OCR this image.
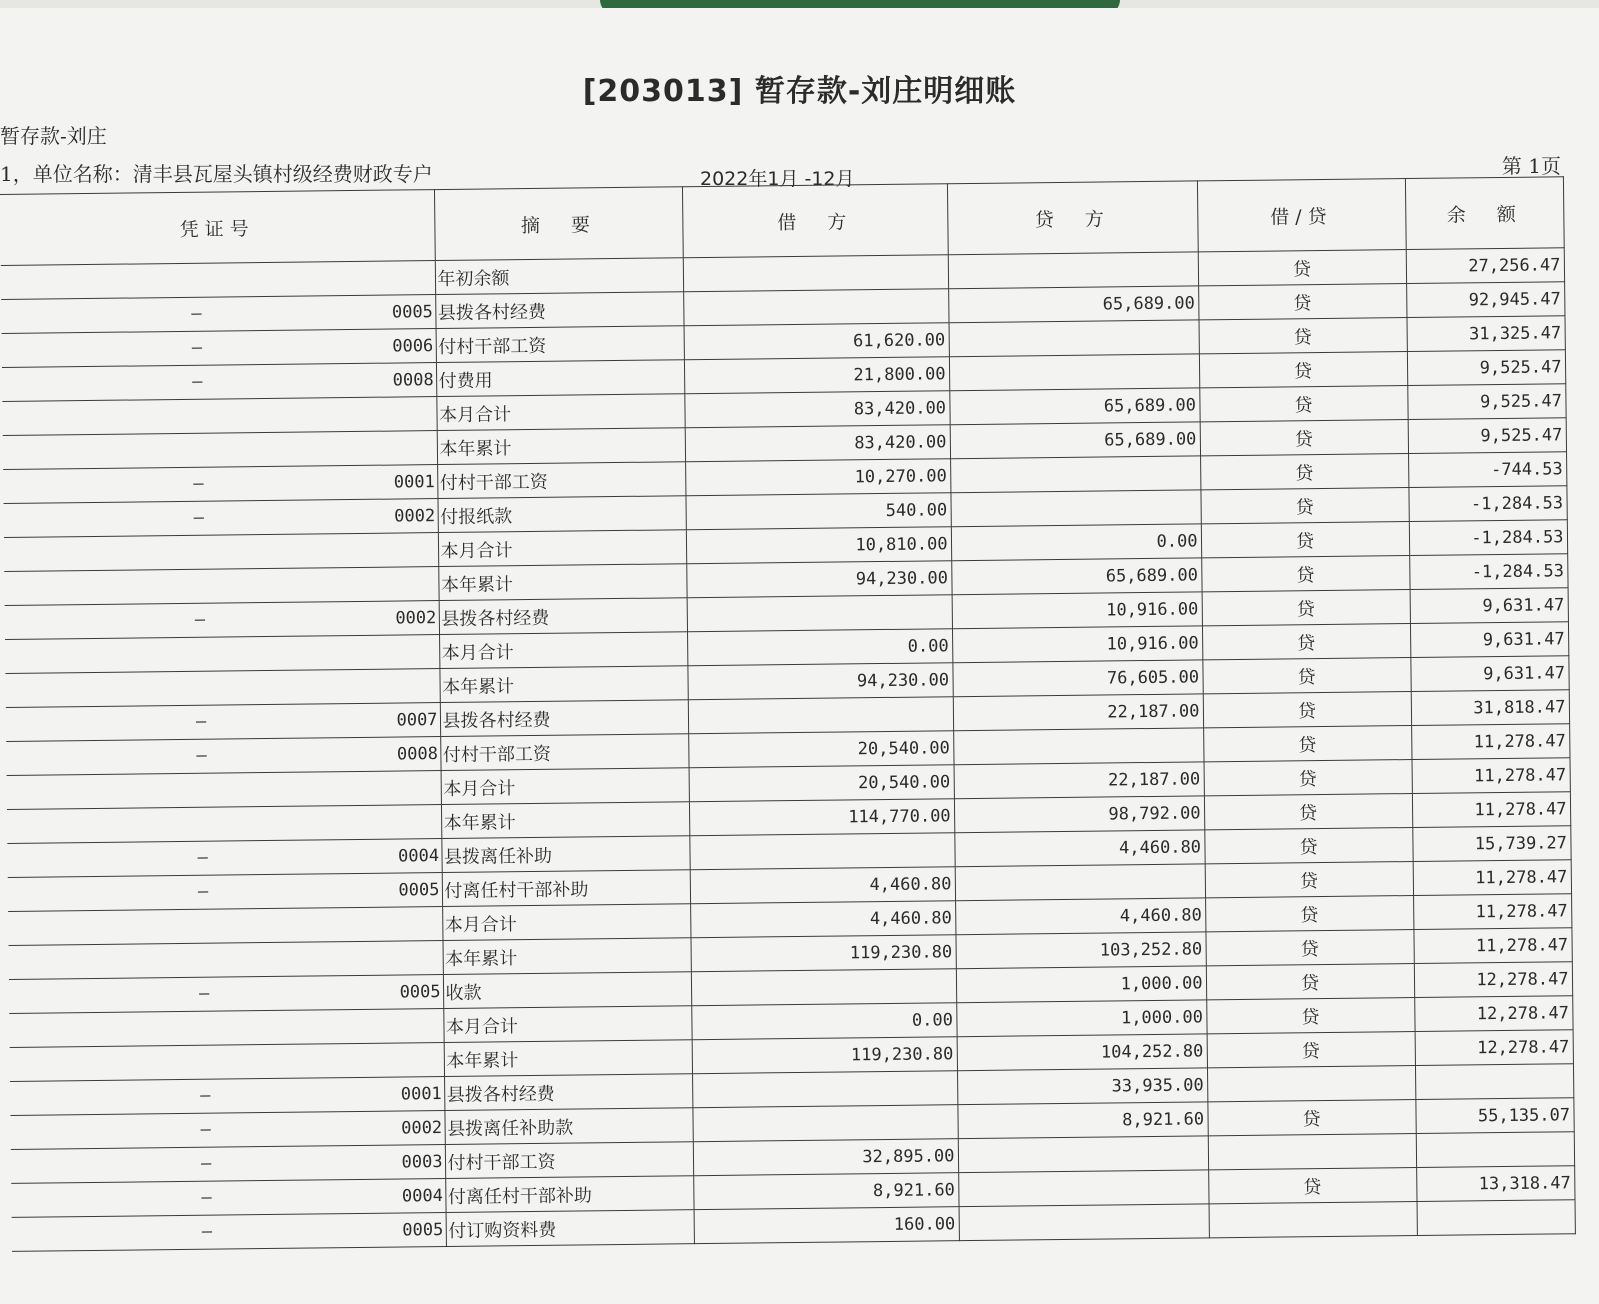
[203013] 暂存款-刘庄明细账
暂存款-刘庄
1，单位名称：清丰县瓦屋头镇村级经费财政专户	2022年1月 -12月
第 1页
凭证号	摘　要	借　方	贷　方	借/贷	余　额

	年初余额			贷	27,256.47

– 0005	县拨各村经费		65,689.00	贷	92,945.47

– 0006	付村干部工资	61,620.00		贷	31,325.47

– 0008	付费用	21,800.00		贷	9,525.47

	本月合计	83,420.00	65,689.00	贷	9,525.47

	本年累计	83,420.00	65,689.00	贷	9,525.47

– 0001	付村干部工资	10,270.00		贷	-744.53

– 0002	付报纸款	540.00		贷	-1,284.53

	本月合计	10,810.00	0.00	贷	-1,284.53

	本年累计	94,230.00	65,689.00	贷	-1,284.53

– 0002	县拨各村经费		10,916.00	贷	9,631.47

	本月合计	0.00	10,916.00	贷	9,631.47

	本年累计	94,230.00	76,605.00	贷	9,631.47

– 0007	县拨各村经费		22,187.00	贷	31,818.47

– 0008	付村干部工资	20,540.00		贷	11,278.47

	本月合计	20,540.00	22,187.00	贷	11,278.47

	本年累计	114,770.00	98,792.00	贷	11,278.47

– 0004	县拨离任补助		4,460.80	贷	15,739.27

– 0005	付离任村干部补助	4,460.80		贷	11,278.47

	本月合计	4,460.80	4,460.80	贷	11,278.47

	本年累计	119,230.80	103,252.80	贷	11,278.47

– 0005	收款		1,000.00	贷	12,278.47

	本月合计	0.00	1,000.00	贷	12,278.47

	本年累计	119,230.80	104,252.80	贷	12,278.47

– 0001	县拨各村经费		33,935.00		

– 0002	县拨离任补助款		8,921.60	贷	55,135.07

– 0003	付村干部工资	32,895.00			

– 0004	付离任村干部补助	8,921.60		贷	13,318.47

– 0005	付订购资料费	160.00			
